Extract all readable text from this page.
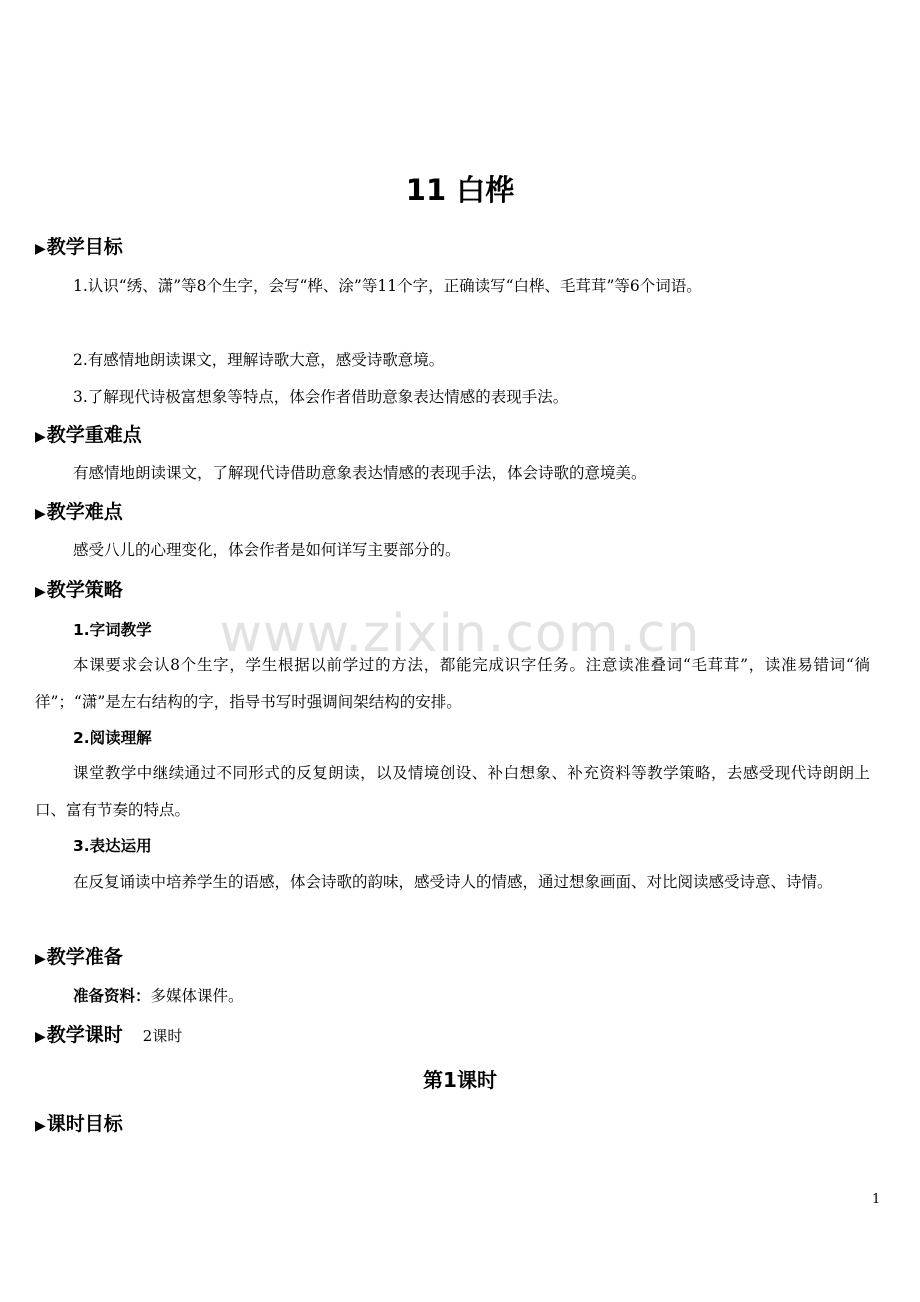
www.zixin.com.cn
11 白桦
▶教学目标
1.认识“绣、潇”等8个生字，会写“桦、涂”等11个字，正确读写“白桦、毛茸茸”等6个词语。
2.有感情地朗读课文，理解诗歌大意，感受诗歌意境。
3.了解现代诗极富想象等特点，体会作者借助意象表达情感的表现手法。
▶教学重难点
有感情地朗读课文，了解现代诗借助意象表达情感的表现手法，体会诗歌的意境美。
▶教学难点
感受八儿的心理变化，体会作者是如何详写主要部分的。
▶教学策略
1.字词教学
本课要求会认8个生字，学生根据以前学过的方法，都能完成识字任务。注意读准叠词“毛茸茸”，读准易错词“徜徉”；“潇”是左右结构的字，指导书写时强调间架结构的安排。
2.阅读理解
课堂教学中继续通过不同形式的反复朗读，以及情境创设、补白想象、补充资料等教学策略，去感受现代诗朗朗上口、富有节奏的特点。
3.表达运用
在反复诵读中培养学生的语感，体会诗歌的韵味，感受诗人的情感，通过想象画面、对比阅读感受诗意、诗情。
▶教学准备
准备资料：多媒体课件。
▶教学课时 2课时
第1课时
▶课时目标
1
